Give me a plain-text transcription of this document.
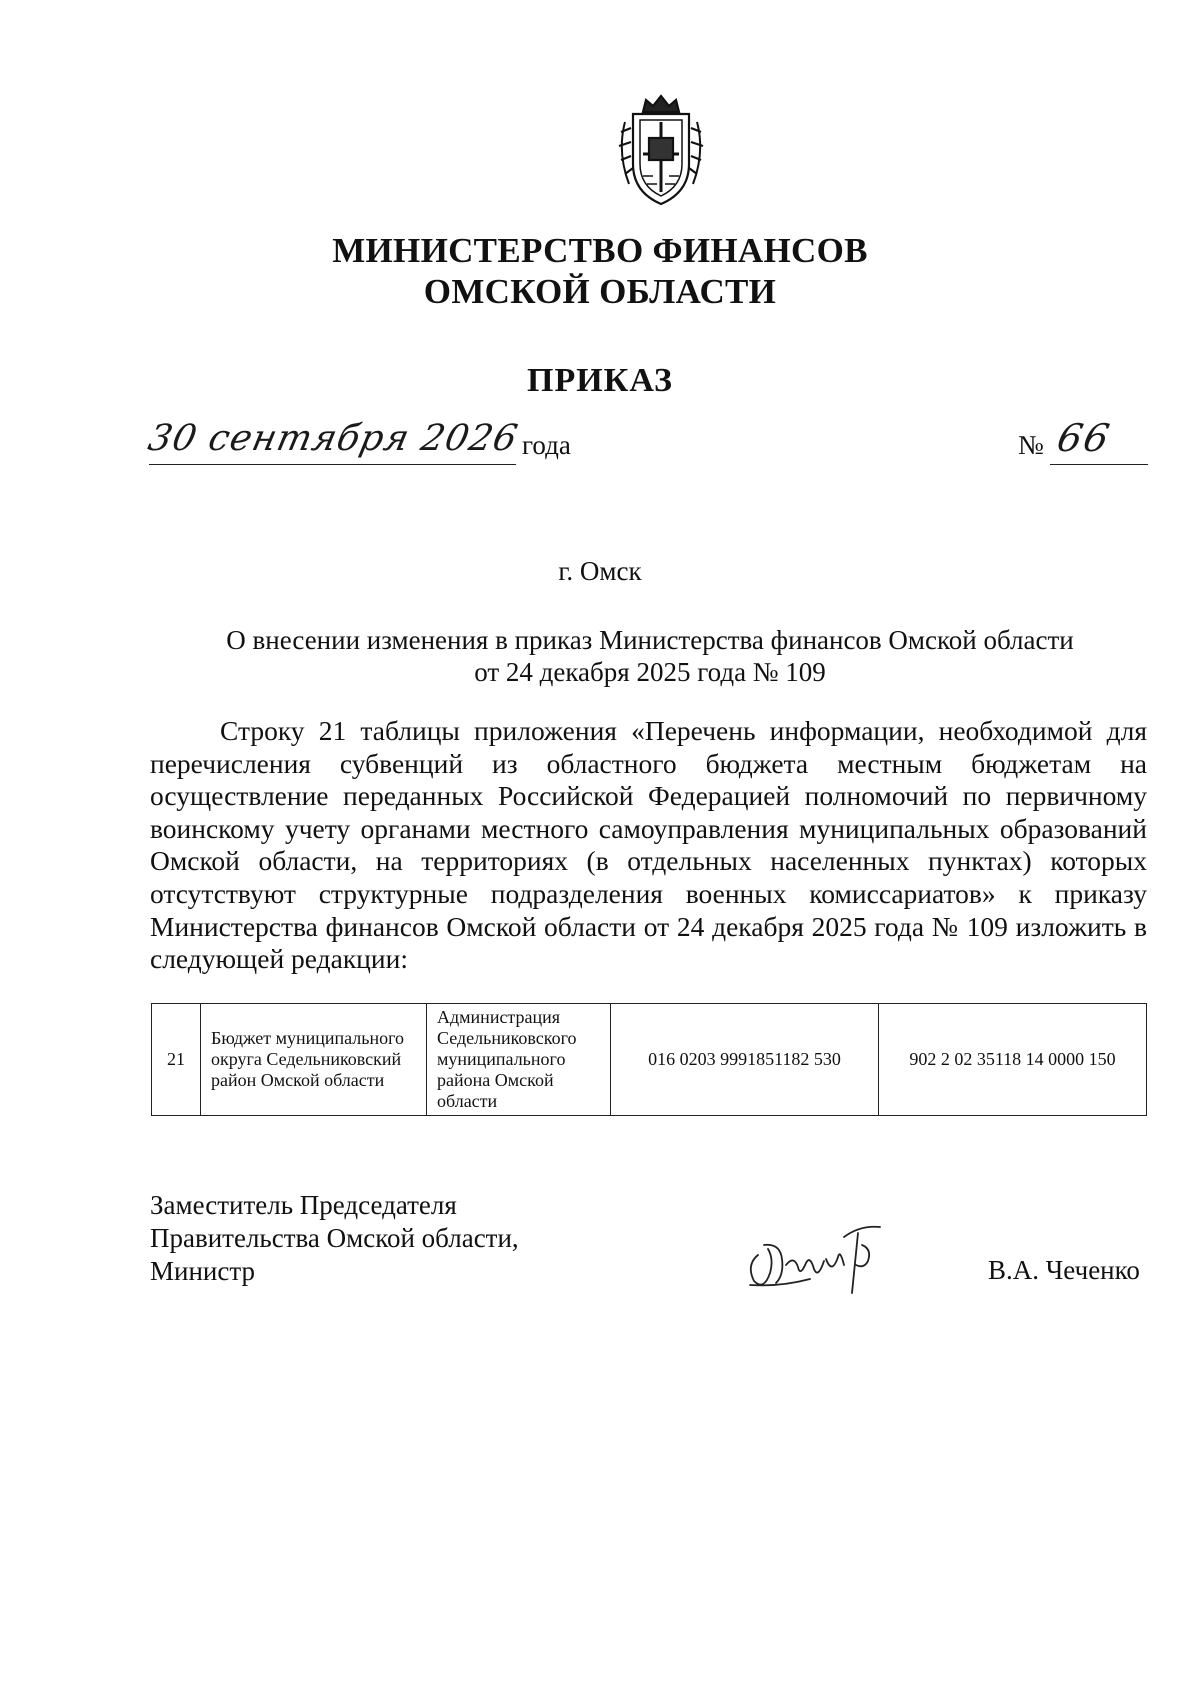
МИНИСТЕРСТВО ФИНАНСОВ
ОМСКОЙ ОБЛАСТИ
ПРИКАЗ
30 сентября 2026 года	№ 66
г. Омск
О внесении изменения в приказ Министерства финансов Омской области
от 24 декабря 2025 года № 109
Строку 21 таблицы приложения «Перечень информации, необходимой для перечисления субвенций из областного бюджета местным бюджетам на осуществление переданных Российской Федерацией полномочий по первичному воинскому учету органами местного самоуправления муниципальных образований Омской области, на территориях (в отдельных населенных пунктах) которых отсутствуют структурные подразделения военных комиссариатов» к приказу Министерства финансов Омской области от 24 декабря 2025 года № 109 изложить в следующей редакции:
21	Бюджет муниципального округа Седельниковский район Омской области	Администрация Седельниковского муниципального района Омской области	016 0203 9991851182 530	902 2 02 35118 14 0000 150
Заместитель Председателя
Правительства Омской области,
Министр	В.А. Чеченко
